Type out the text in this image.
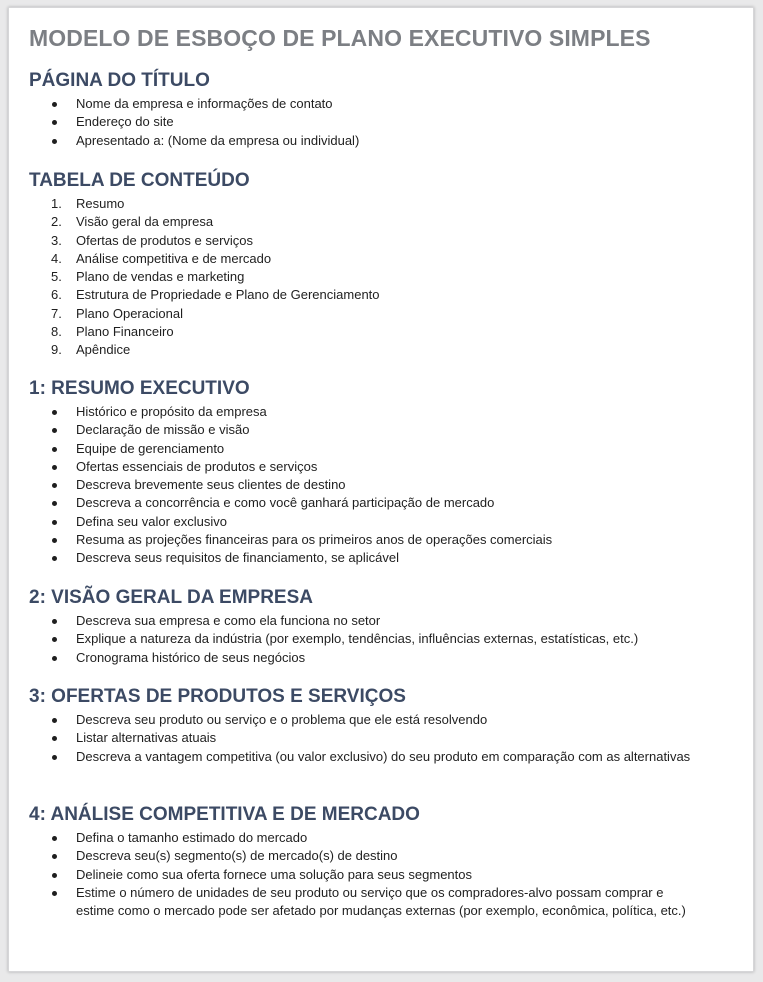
MODELO DE ESBOÇO DE PLANO EXECUTIVO SIMPLES
PÁGINA DO TÍTULO
Nome da empresa e informações de contato
Endereço do site
Apresentado a: (Nome da empresa ou individual)
TABELA DE CONTEÚDO
1. Resumo
2. Visão geral da empresa
3. Ofertas de produtos e serviços
4. Análise competitiva e de mercado
5. Plano de vendas e marketing
6. Estrutura de Propriedade e Plano de Gerenciamento
7. Plano Operacional
8. Plano Financeiro
9. Apêndice
1: RESUMO EXECUTIVO
Histórico e propósito da empresa
Declaração de missão e visão
Equipe de gerenciamento
Ofertas essenciais de produtos e serviços
Descreva brevemente seus clientes de destino
Descreva a concorrência e como você ganhará participação de mercado
Defina seu valor exclusivo
Resuma as projeções financeiras para os primeiros anos de operações comerciais
Descreva seus requisitos de financiamento, se aplicável
2: VISÃO GERAL DA EMPRESA
Descreva sua empresa e como ela funciona no setor
Explique a natureza da indústria (por exemplo, tendências, influências externas, estatísticas, etc.)
Cronograma histórico de seus negócios
3: OFERTAS DE PRODUTOS E SERVIÇOS
Descreva seu produto ou serviço e o problema que ele está resolvendo
Listar alternativas atuais
Descreva a vantagem competitiva (ou valor exclusivo) do seu produto em comparação com as alternativas
4: ANÁLISE COMPETITIVA E DE MERCADO
Defina o tamanho estimado do mercado
Descreva seu(s) segmento(s) de mercado(s) de destino
Delineie como sua oferta fornece uma solução para seus segmentos
Estime o número de unidades de seu produto ou serviço que os compradores-alvo possam comprar e estime como o mercado pode ser afetado por mudanças externas (por exemplo, econômica, política, etc.)
